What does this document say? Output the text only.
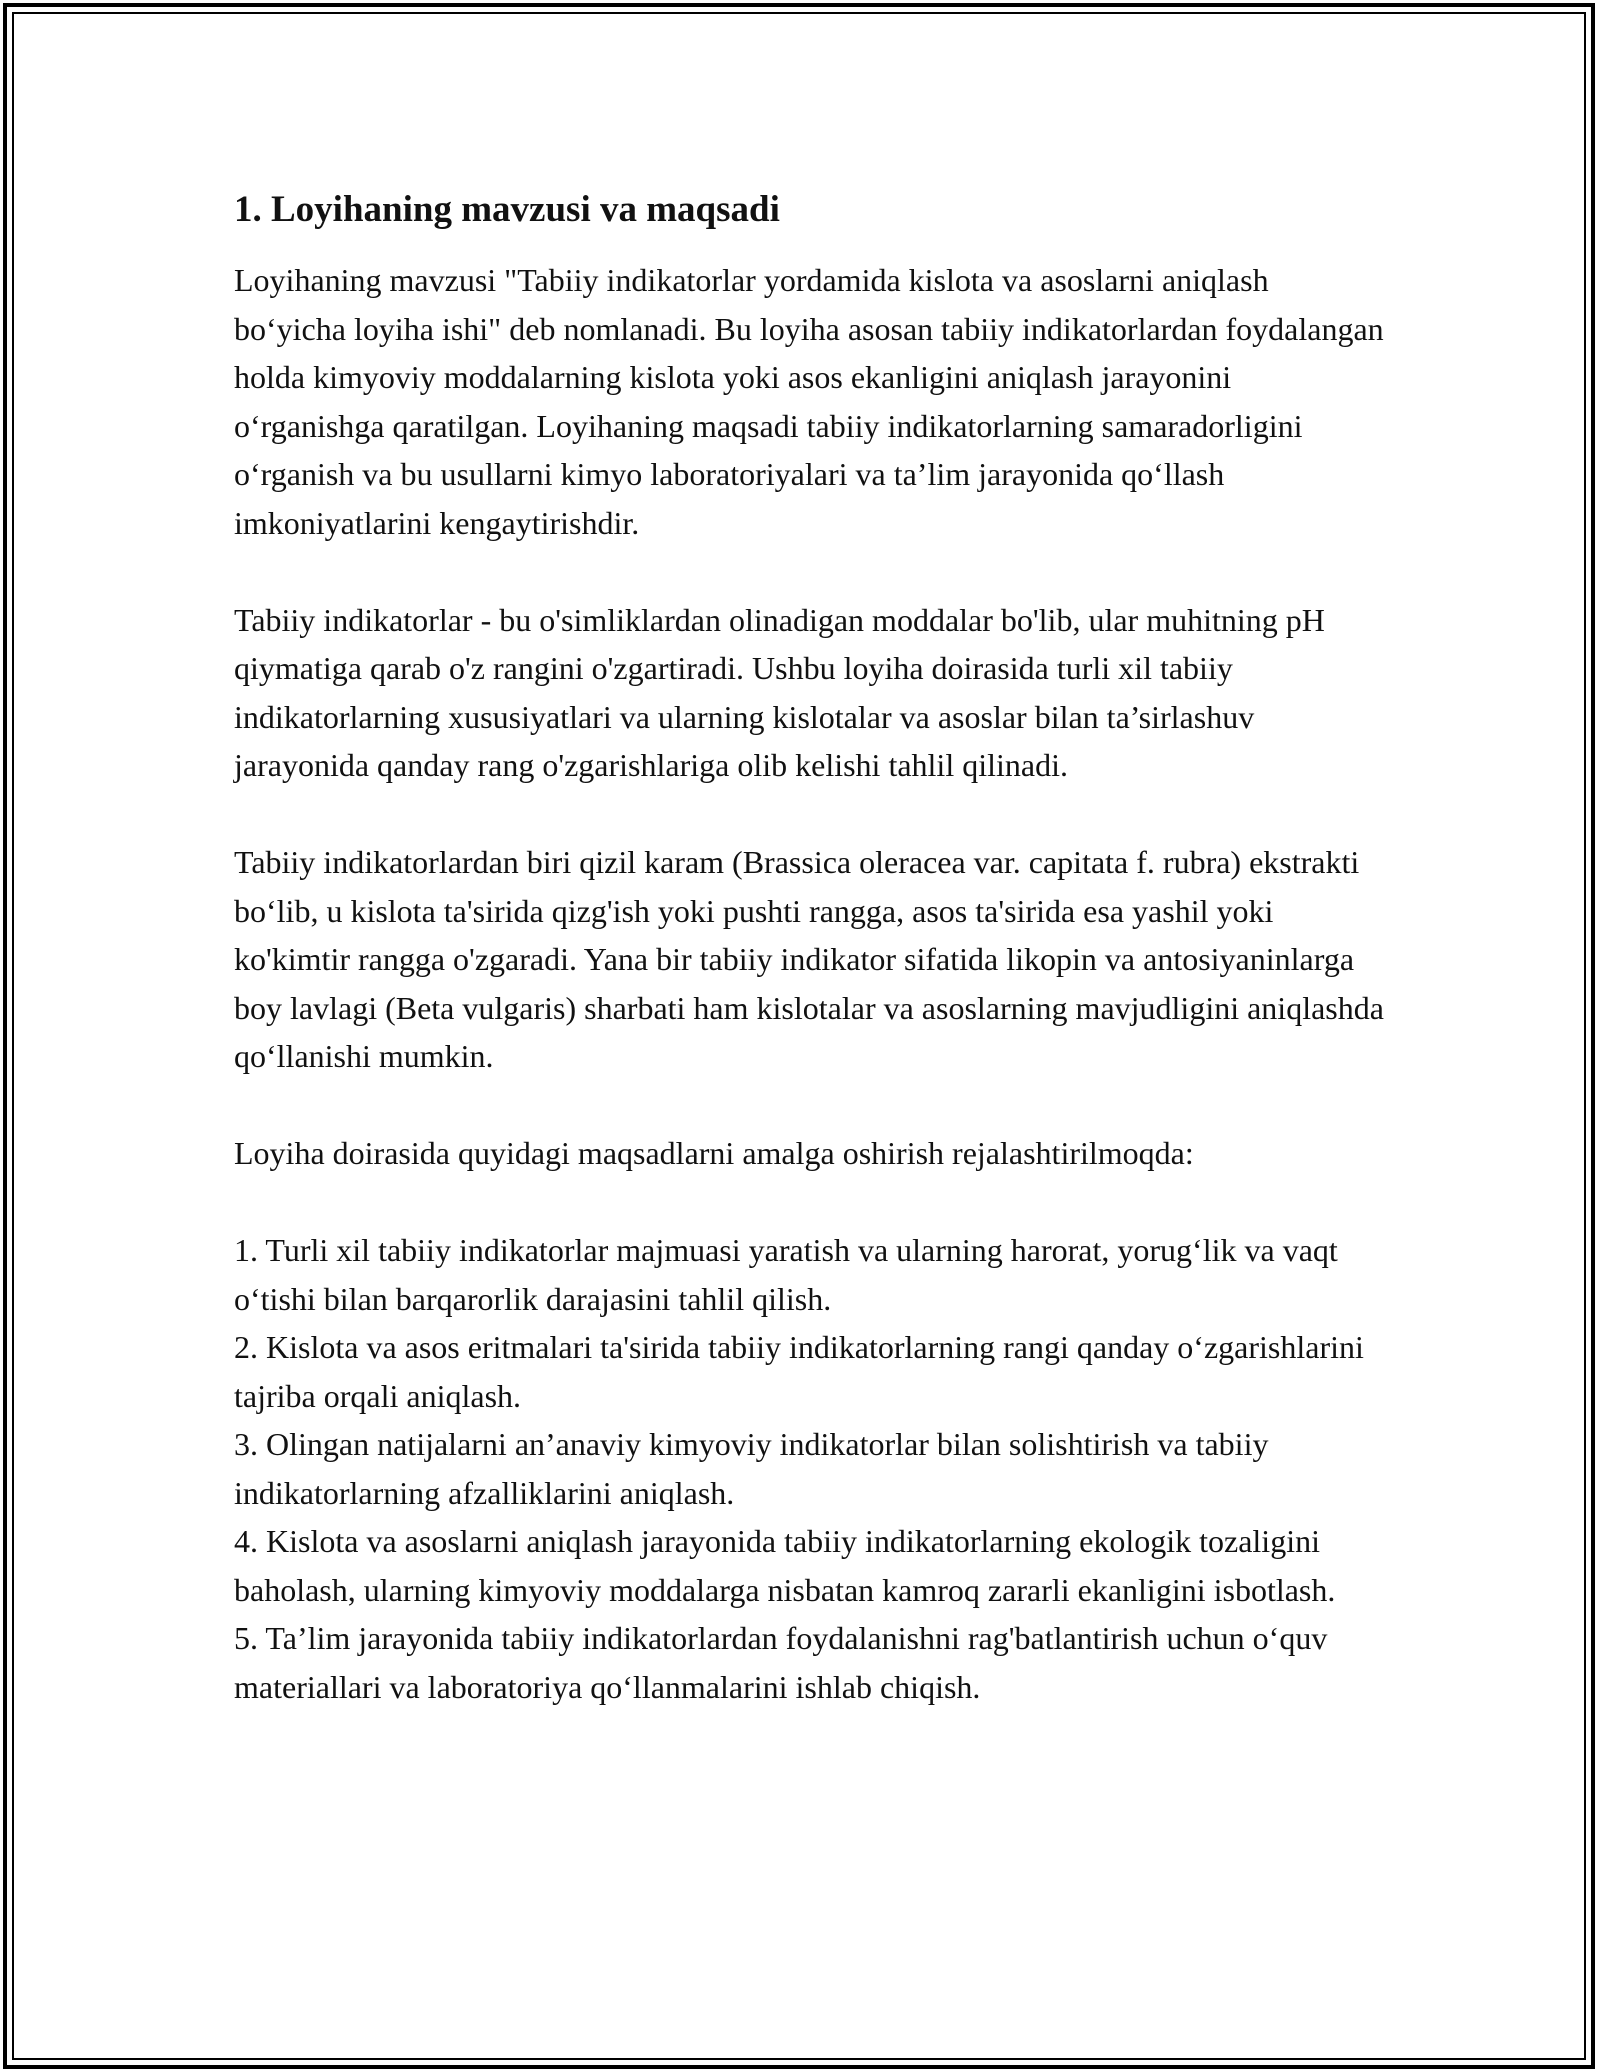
1. Loyihaning mavzusi va maqsadi

Loyihaning mavzusi "Tabiiy indikatorlar yordamida kislota va asoslarni aniqlash bo‘yicha loyiha ishi" deb nomlanadi. Bu loyiha asosan tabiiy indikatorlardan foydalangan holda kimyoviy moddalarning kislota yoki asos ekanligini aniqlash jarayonini o‘rganishga qaratilgan. Loyihaning maqsadi tabiiy indikatorlarning samaradorligini o‘rganish va bu usullarni kimyo laboratoriyalari va ta’lim jarayonida qo‘llash imkoniyatlarini kengaytirishdir.

Tabiiy indikatorlar - bu o'simliklardan olinadigan moddalar bo'lib, ular muhitning pH qiymatiga qarab o'z rangini o'zgartiradi. Ushbu loyiha doirasida turli xil tabiiy indikatorlarning xususiyatlari va ularning kislotalar va asoslar bilan ta’sirlashuv jarayonida qanday rang o'zgarishlariga olib kelishi tahlil qilinadi.

Tabiiy indikatorlardan biri qizil karam (Brassica oleracea var. capitata f. rubra) ekstrakti bo‘lib, u kislota ta'sirida qizg'ish yoki pushti rangga, asos ta'sirida esa yashil yoki ko'kimtir rangga o'zgaradi. Yana bir tabiiy indikator sifatida likopin va antosiyaninlarga boy lavlagi (Beta vulgaris) sharbati ham kislotalar va asoslarning mavjudligini aniqlashda qo‘llanishi mumkin.

Loyiha doirasida quyidagi maqsadlarni amalga oshirish rejalashtirilmoqda:

1. Turli xil tabiiy indikatorlar majmuasi yaratish va ularning harorat, yorug‘lik va vaqt o‘tishi bilan barqarorlik darajasini tahlil qilish.
2. Kislota va asos eritmalari ta'sirida tabiiy indikatorlarning rangi qanday o‘zgarishlarini tajriba orqali aniqlash.
3. Olingan natijalarni an’anaviy kimyoviy indikatorlar bilan solishtirish va tabiiy indikatorlarning afzalliklarini aniqlash.
4. Kislota va asoslarni aniqlash jarayonida tabiiy indikatorlarning ekologik tozaligini baholash, ularning kimyoviy moddalarga nisbatan kamroq zararli ekanligini isbotlash.
5. Ta’lim jarayonida tabiiy indikatorlardan foydalanishni rag'batlantirish uchun o‘quv materiallari va laboratoriya qo‘llanmalarini ishlab chiqish.
